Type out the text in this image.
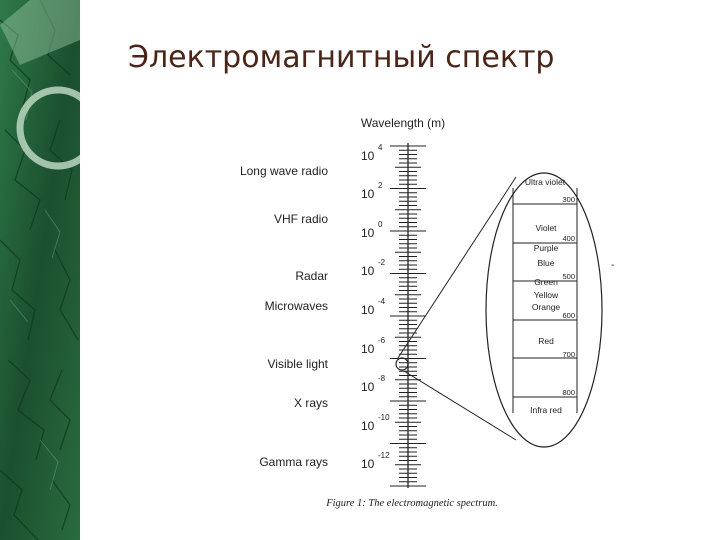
Электромагнитный спектр
Wavelength (m)
10
4
10
2
10
0
10
-2
10
-4
10
-6
10
-8
10
-10
10
-12
Long wave radio
VHF radio
Radar
Microwaves
Visible light
X rays
Gamma rays
Ultra violet
Infra red
Violet
Purple
Blue
Green
Yellow
Orange
Red
300
400
500
600
700
800
-
Figure 1: The electromagnetic spectrum.
